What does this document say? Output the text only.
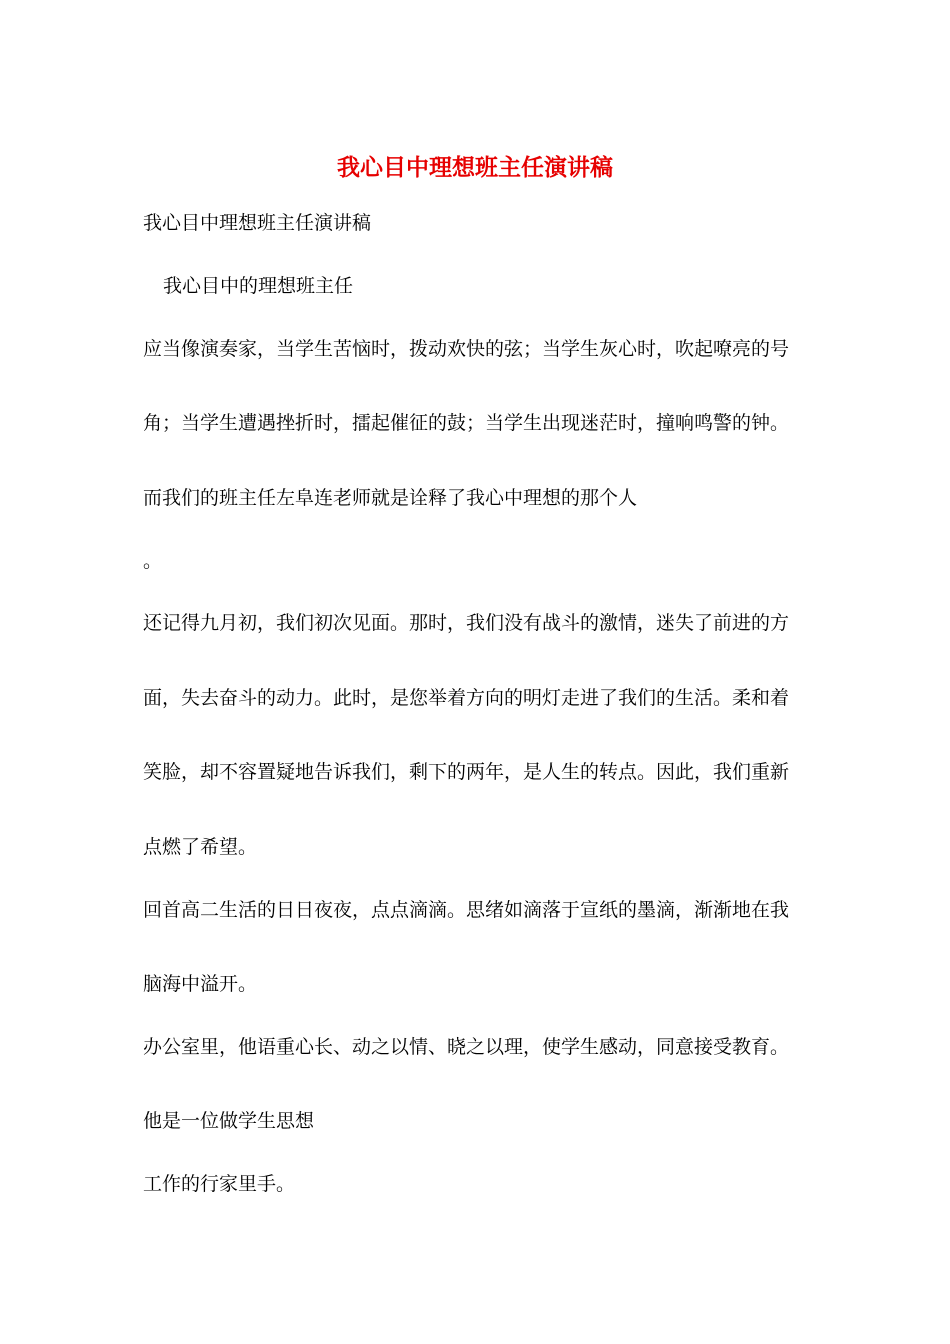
我心目中理想班主任演讲稿
我心目中理想班主任演讲稿
我心目中的理想班主任
应当像演奏家，当学生苦恼时，拨动欢快的弦；当学生灰心时，吹起嘹亮的号
角；当学生遭遇挫折时，擂起催征的鼓；当学生出现迷茫时，撞响鸣警的钟。
而我们的班主任左阜连老师就是诠释了我心中理想的那个人
。
还记得九月初，我们初次见面。那时，我们没有战斗的激情，迷失了前进的方
面，失去奋斗的动力。此时，是您举着方向的明灯走进了我们的生活。柔和着
笑脸，却不容置疑地告诉我们，剩下的两年，是人生的转点。因此，我们重新
点燃了希望。
回首高二生活的日日夜夜，点点滴滴。思绪如滴落于宣纸的墨滴，渐渐地在我
脑海中溢开。
办公室里，他语重心长、动之以情、晓之以理，使学生感动，同意接受教育。
他是一位做学生思想
工作的行家里手。
